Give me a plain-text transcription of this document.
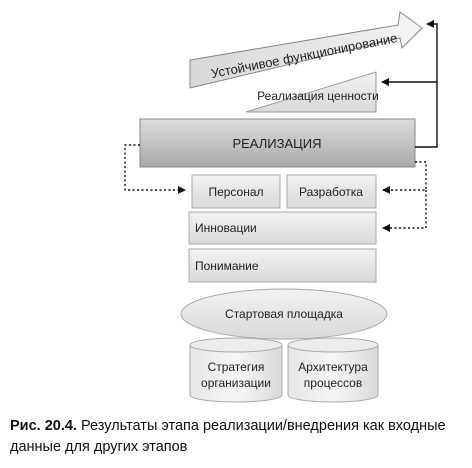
Устойчивое функционирование
Реализация ценности
РЕАЛИЗАЦИЯ
Персонал	Разработка
Инновации
Понимание
Стартовая площадка
Стратегия
организации
Архитектура
процессов
Рис. 20.4. Результаты этапа реализации/внедрения как входные данные для других этапов
